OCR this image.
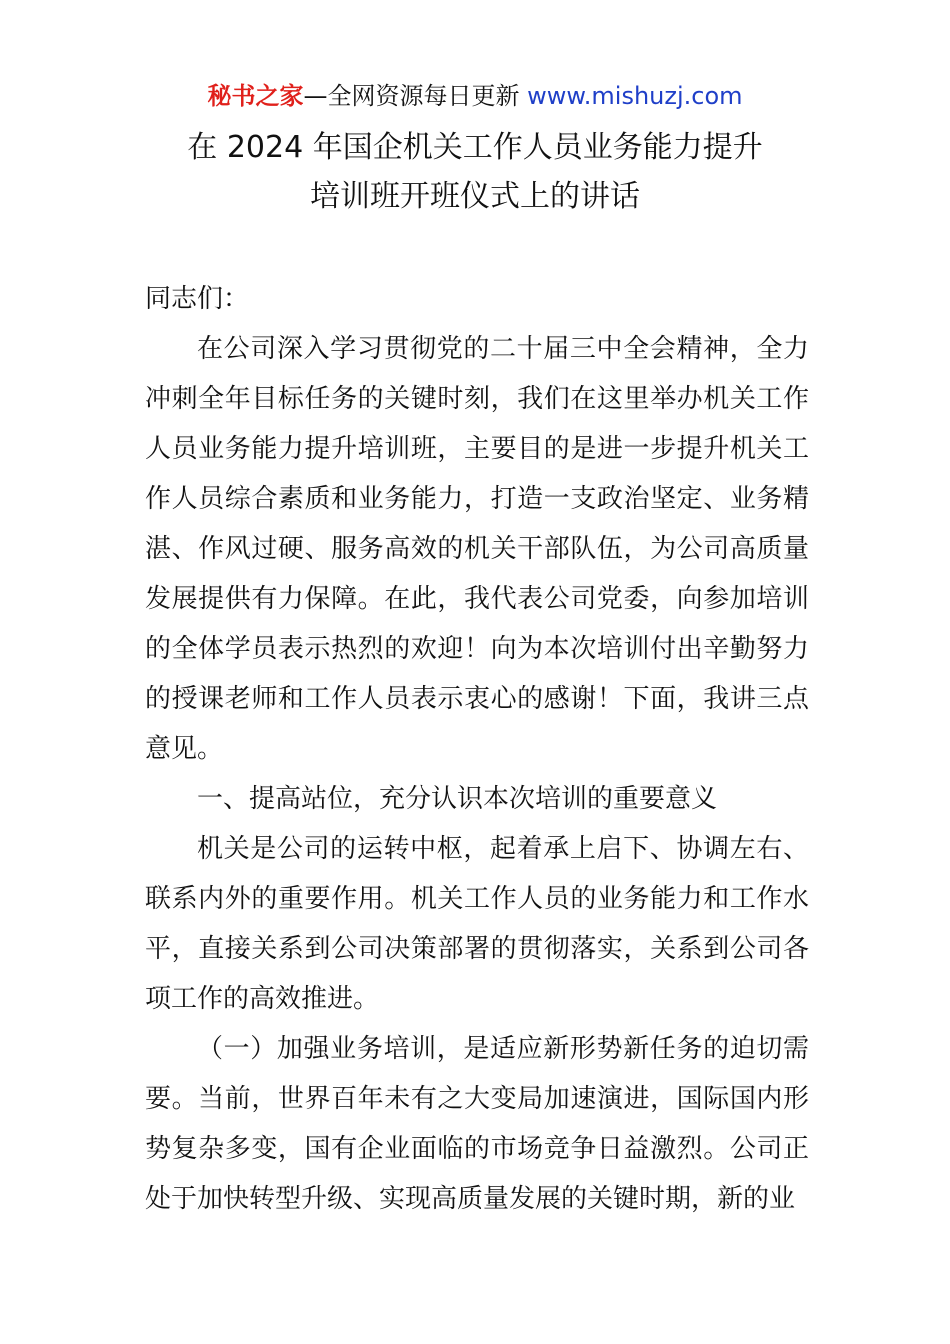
秘书之家—全网资源每日更新 www.mishuzj.com
在 2024 年国企机关工作人员业务能力提升
培训班开班仪式上的讲话

同志们：

在公司深入学习贯彻党的二十届三中全会精神，全力冲刺全年目标任务的关键时刻，我们在这里举办机关工作人员业务能力提升培训班，主要目的是进一步提升机关工作人员综合素质和业务能力，打造一支政治坚定、业务精湛、作风过硬、服务高效的机关干部队伍，为公司高质量发展提供有力保障。在此，我代表公司党委，向参加培训的全体学员表示热烈的欢迎！向为本次培训付出辛勤努力的授课老师和工作人员表示衷心的感谢！下面，我讲三点意见。

一、提高站位，充分认识本次培训的重要意义

机关是公司的运转中枢，起着承上启下、协调左右、联系内外的重要作用。机关工作人员的业务能力和工作水平，直接关系到公司决策部署的贯彻落实，关系到公司各项工作的高效推进。

（一）加强业务培训，是适应新形势新任务的迫切需要。当前，世界百年未有之大变局加速演进，国际国内形势复杂多变，国有企业面临的市场竞争日益激烈。公司正处于加快转型升级、实现高质量发展的关键时期，新的业
